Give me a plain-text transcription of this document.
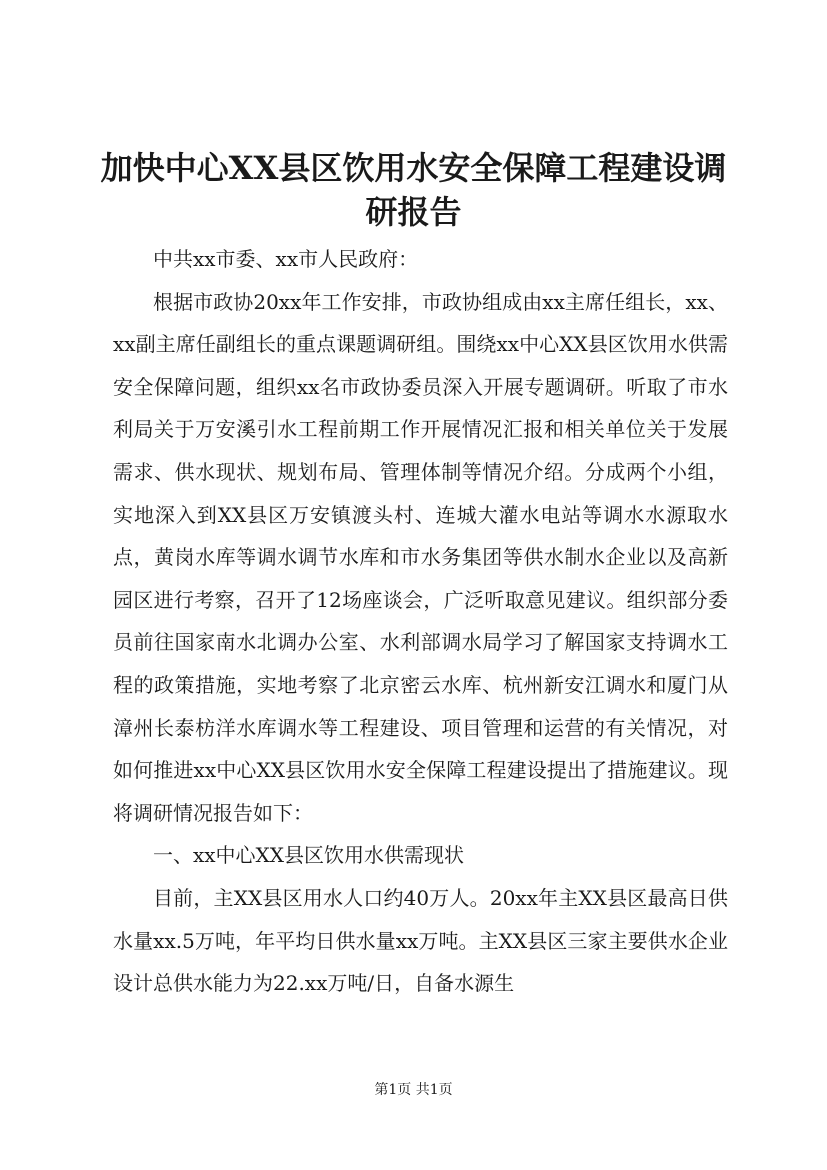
加快中心XX县区饮用水安全保障工程建设调
研报告

中共xx市委、xx市人民政府：

根据市政协20xx年工作安排，市政协组成由xx主席任组长，xx、xx副主席任副组长的重点课题调研组。围绕xx中心XX县区饮用水供需安全保障问题，组织xx名市政协委员深入开展专题调研。听取了市水利局关于万安溪引水工程前期工作开展情况汇报和相关单位关于发展需求、供水现状、规划布局、管理体制等情况介绍。分成两个小组，实地深入到XX县区万安镇渡头村、连城大灌水电站等调水水源取水点，黄岗水库等调水调节水库和市水务集团等供水制水企业以及高新园区进行考察，召开了12场座谈会，广泛听取意见建议。组织部分委员前往国家南水北调办公室、水利部调水局学习了解国家支持调水工程的政策措施，实地考察了北京密云水库、杭州新安江调水和厦门从漳州长泰枋洋水库调水等工程建设、项目管理和运营的有关情况，对如何推进xx中心XX县区饮用水安全保障工程建设提出了措施建议。现将调研情况报告如下：

一、xx中心XX县区饮用水供需现状

目前，主XX县区用水人口约40万人。20xx年主XX县区最高日供水量xx.5万吨，年平均日供水量xx万吨。主XX县区三家主要供水企业设计总供水能力为22.xx万吨/日，自备水源生

第1页 共1页
